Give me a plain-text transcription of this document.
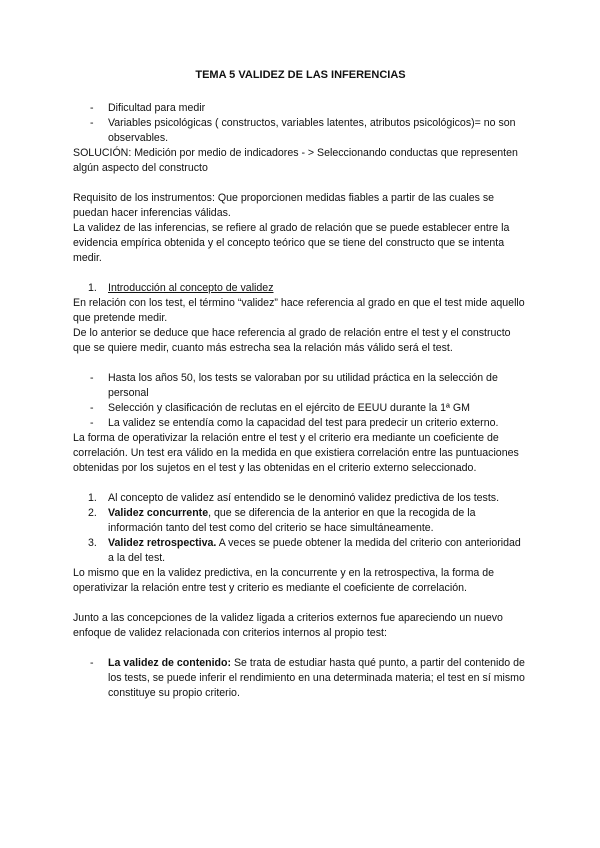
TEMA 5 VALIDEZ DE LAS INFERENCIAS

- Dificultad para medir
- Variables psicológicas ( constructos, variables latentes, atributos psicológicos)= no son observables.

SOLUCIÓN: Medición por medio de indicadores - > Seleccionando conductas que representen algún aspecto del constructo

Requisito de los instrumentos: Que proporcionen medidas fiables a partir de las cuales se puedan hacer inferencias válidas.

La validez de las inferencias, se refiere al grado de relación que se puede establecer entre la evidencia empírica obtenida y el concepto teórico que se tiene del constructo que se intenta medir.

1. Introducción al concepto de validez

En relación con los test, el término “validez” hace referencia al grado en que el test mide aquello que pretende medir.

De lo anterior se deduce que hace referencia al grado de relación entre el test y el constructo que se quiere medir, cuanto más estrecha sea la relación más válido será el test.

- Hasta los años 50, los tests se valoraban por su utilidad práctica en la selección de personal
- Selección y clasificación de reclutas en el ejército de EEUU durante la 1ª GM
- La validez se entendía como la capacidad del test para predecir un criterio externo.

La forma de operativizar la relación entre el test y el criterio era mediante un coeficiente de correlación. Un test era válido en la medida en que existiera correlación entre las puntuaciones obtenidas por los sujetos en el test y las obtenidas en el criterio externo seleccionado.

1. Al concepto de validez así entendido se le denominó validez predictiva de los tests.
2. Validez concurrente, que se diferencia de la anterior en que la recogida de la información tanto del test como del criterio se hace simultáneamente.
3. Validez retrospectiva. A veces se puede obtener la medida del criterio con anterioridad a la del test.

Lo mismo que en la validez predictiva, en la concurrente y en la retrospectiva, la forma de operativizar la relación entre test y criterio es mediante el coeficiente de correlación.

Junto a las concepciones de la validez ligada a criterios externos fue apareciendo un nuevo enfoque de validez relacionada con criterios internos al propio test:

- La validez de contenido: Se trata de estudiar hasta qué punto, a partir del contenido de los tests, se puede inferir el rendimiento en una determinada materia; el test en sí mismo constituye su propio criterio.
